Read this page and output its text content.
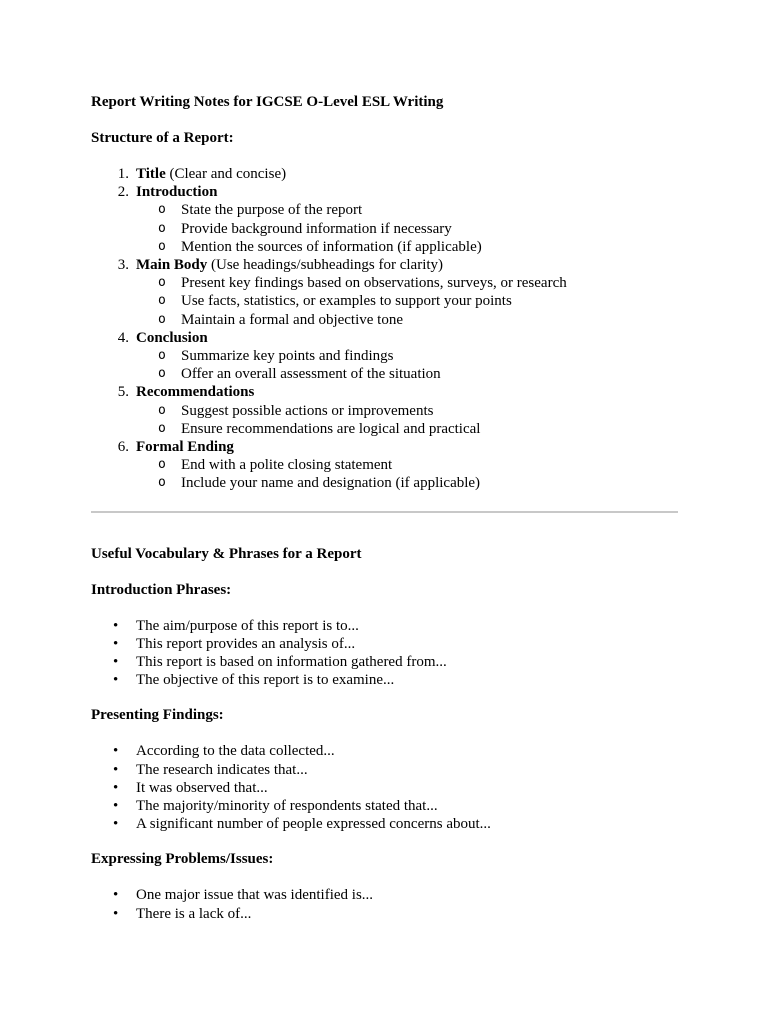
Report Writing Notes for IGCSE O-Level ESL Writing

Structure of a Report:

1. Title (Clear and concise)
2. Introduction
o State the purpose of the report
o Provide background information if necessary
o Mention the sources of information (if applicable)
3. Main Body (Use headings/subheadings for clarity)
o Present key findings based on observations, surveys, or research
o Use facts, statistics, or examples to support your points
o Maintain a formal and objective tone
4. Conclusion
o Summarize key points and findings
o Offer an overall assessment of the situation
5. Recommendations
o Suggest possible actions or improvements
o Ensure recommendations are logical and practical
6. Formal Ending
o End with a polite closing statement
o Include your name and designation (if applicable)

Useful Vocabulary & Phrases for a Report

Introduction Phrases:

• The aim/purpose of this report is to...
• This report provides an analysis of...
• This report is based on information gathered from...
• The objective of this report is to examine...

Presenting Findings:

• According to the data collected...
• The research indicates that...
• It was observed that...
• The majority/minority of respondents stated that...
• A significant number of people expressed concerns about...

Expressing Problems/Issues:

• One major issue that was identified is...
• There is a lack of...
